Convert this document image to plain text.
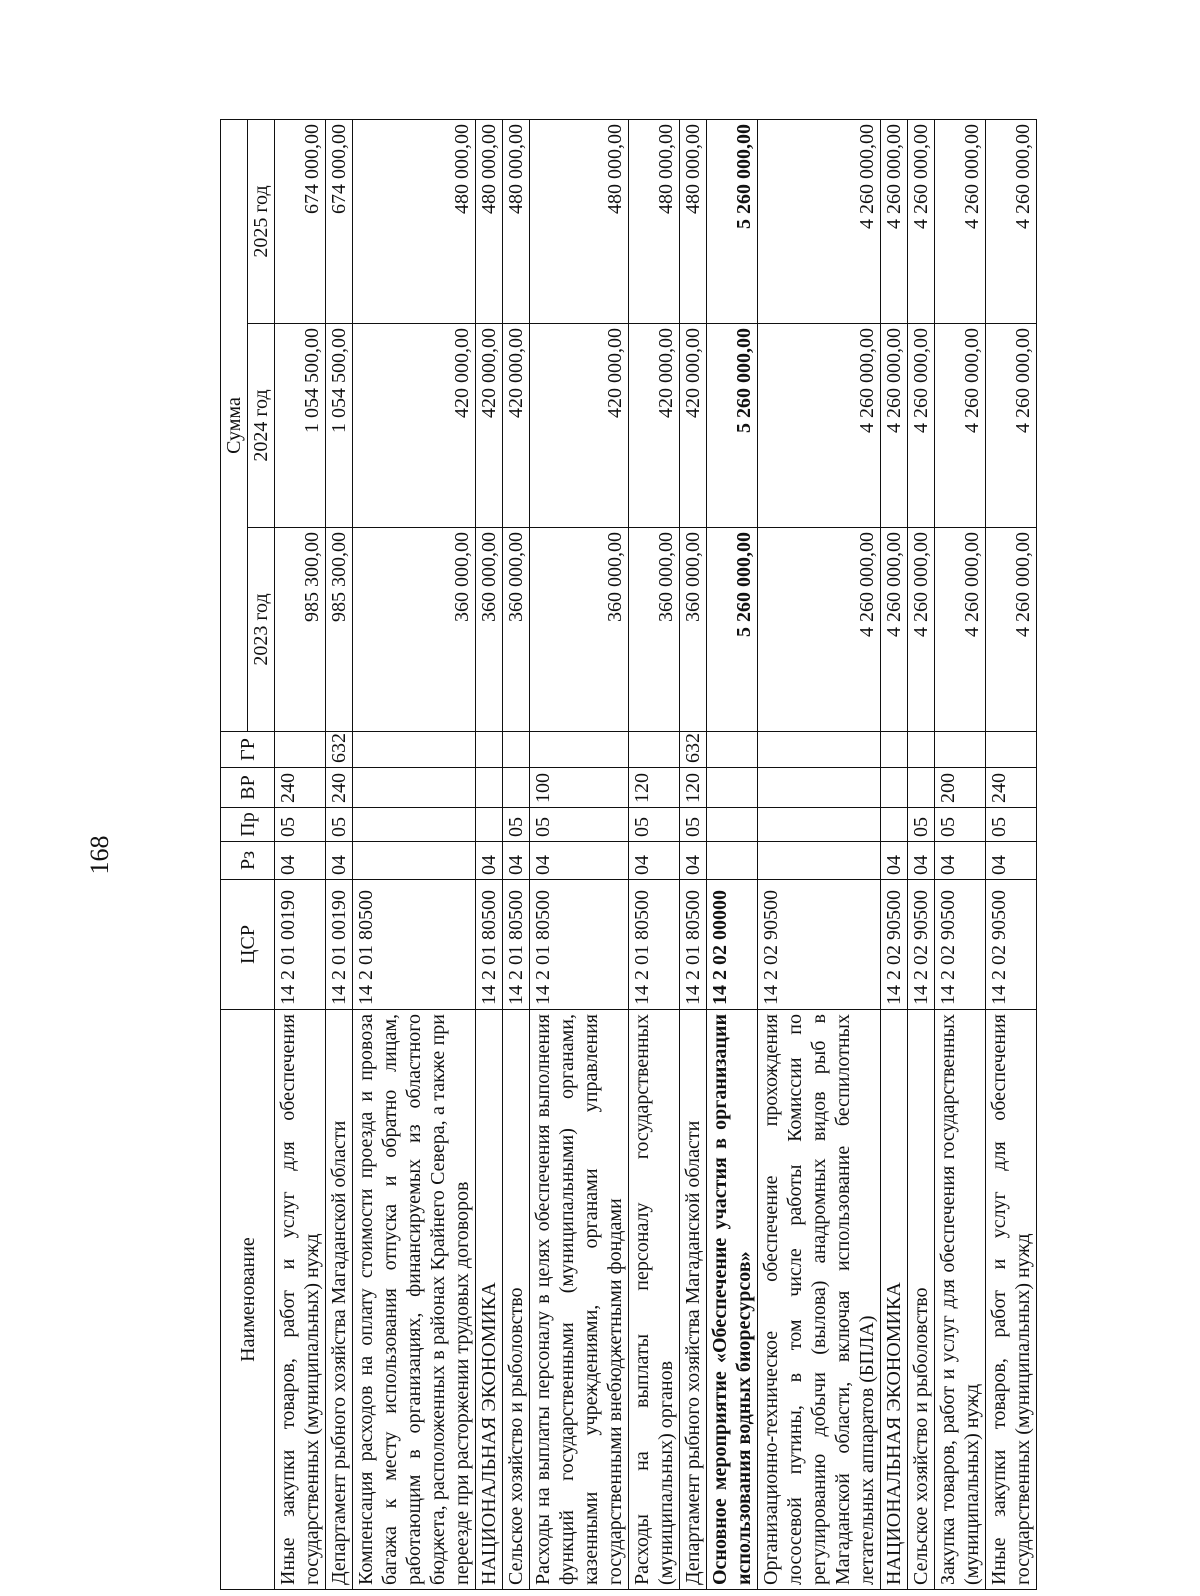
168
Наименование	ЦСР	Рз	Пр	ВР	ГР	Сумма		
						2023 год	2024 год	2025 год
Иные закупки товаров, работ и услуг для обеспечения государственных (муниципальных) нужд	14 2 01 00190	04	05	240		985 300,00	1 054 500,00	674 000,00
Департамент рыбного хозяйства Магаданской области	14 2 01 00190	04	05	240	632	985 300,00	1 054 500,00	674 000,00
Компенсация расходов на оплату стоимости проезда и провоза багажа к месту использования отпуска и обратно лицам, работающим в организациях, финансируемых из областного бюджета, расположенных в районах Крайнего Севера, а также при переезде при расторжении трудовых договоров	14 2 01 80500					360 000,00	420 000,00	480 000,00
НАЦИОНАЛЬНАЯ ЭКОНОМИКА	14 2 01 80500	04				360 000,00	420 000,00	480 000,00
Сельское хозяйство и рыболовство	14 2 01 80500	04	05			360 000,00	420 000,00	480 000,00
Расходы на выплаты персоналу в целях обеспечения выполнения функций государственными (муниципальными) органами, казенными учреждениями, органами управления государственными внебюджетными фондами	14 2 01 80500	04	05	100		360 000,00	420 000,00	480 000,00
Расходы на выплаты персоналу государственных (муниципальных) органов	14 2 01 80500	04	05	120		360 000,00	420 000,00	480 000,00
Департамент рыбного хозяйства Магаданской области	14 2 01 80500	04	05	120	632	360 000,00	420 000,00	480 000,00
Основное мероприятие «Обеспечение участия в организации использования водных биоресурсов»	14 2 02 00000					5 260 000,00	5 260 000,00	5 260 000,00
Организационно-техническое обеспечение прохождения лососевой путины, в том числе работы Комиссии по регулированию добычи (вылова) анадромных видов рыб в Магаданской области, включая использование беспилотных летательных аппаратов (БПЛА)	14 2 02 90500					4 260 000,00	4 260 000,00	4 260 000,00
НАЦИОНАЛЬНАЯ ЭКОНОМИКА	14 2 02 90500	04				4 260 000,00	4 260 000,00	4 260 000,00
Сельское хозяйство и рыболовство	14 2 02 90500	04	05			4 260 000,00	4 260 000,00	4 260 000,00
Закупка товаров, работ и услуг для обеспечения государственных (муниципальных) нужд	14 2 02 90500	04	05	200		4 260 000,00	4 260 000,00	4 260 000,00
Иные закупки товаров, работ и услуг для обеспечения государственных (муниципальных) нужд	14 2 02 90500	04	05	240		4 260 000,00	4 260 000,00	4 260 000,00
